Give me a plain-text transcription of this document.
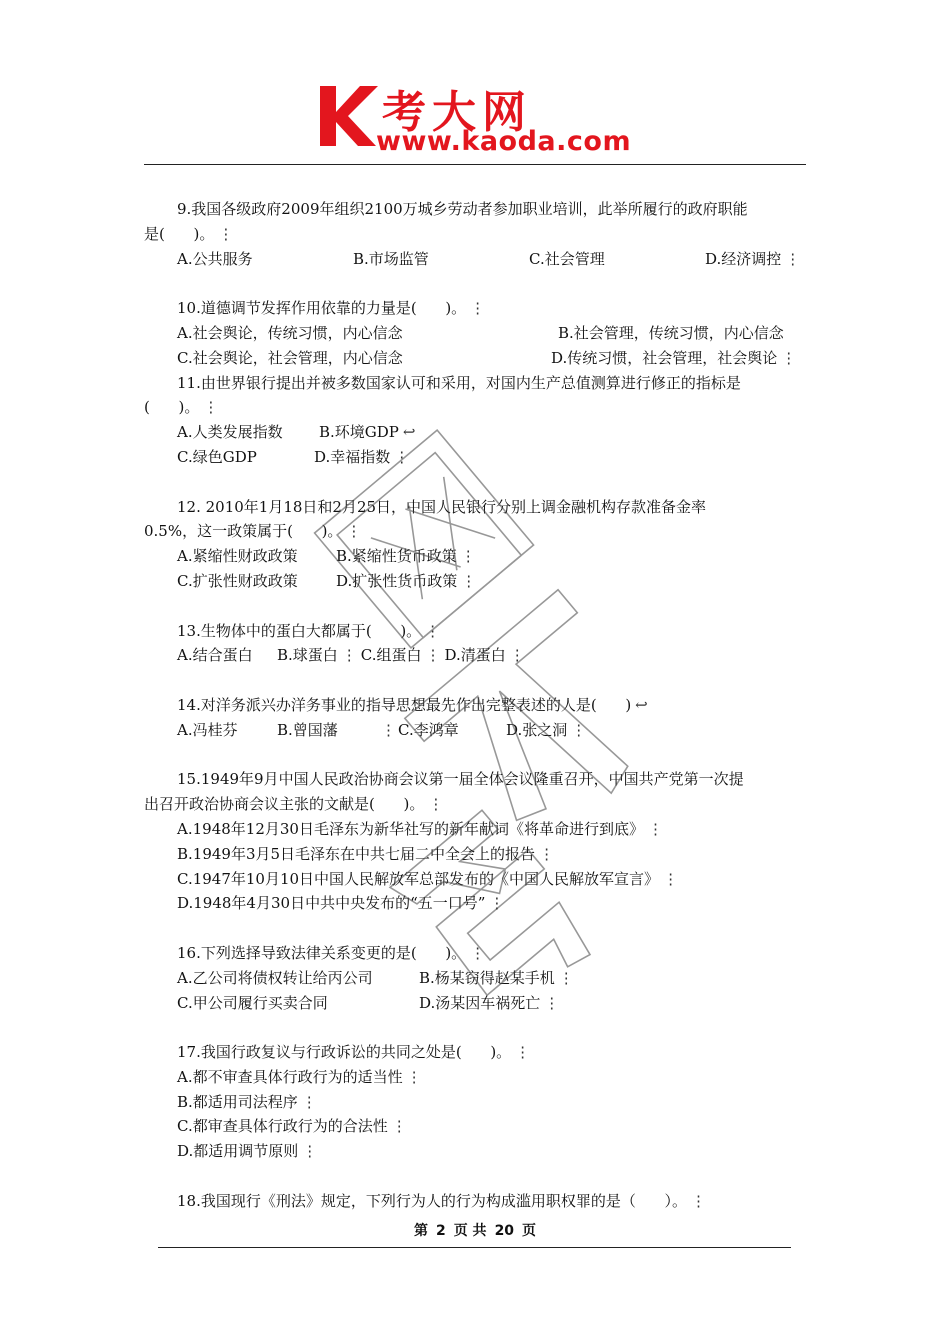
考大网
www.kaoda.com
9.我国各级政府2009年组织2100万城乡劳动者参加职业培训，此举所履行的政府职能
是(      )。 ⋮
A.公共服务	B.市场监管	C.社会管理	D.经济调控 ⋮
10.道德调节发挥作用依靠的力量是(      )。 ⋮
A.社会舆论，传统习惯，内心信念	B.社会管理，传统习惯，内心信念
C.社会舆论，社会管理，内心信念	D.传统习惯，社会管理，社会舆论 ⋮
11.由世界银行提出并被多数国家认可和采用，对国内生产总值测算进行修正的指标是
(      )。 ⋮
A.人类发展指数	B.环境GDP ↩
C.绿色GDP	D.幸福指数 ⋮
12. 2010年1月18日和2月25日，中国人民银行分别上调金融机构存款准备金率
0.5%，这一政策属于(      )。 ⋮
A.紧缩性财政政策	B.紧缩性货币政策 ⋮
C.扩张性财政政策	D.扩张性货币政策 ⋮
13.生物体中的蛋白大都属于(      )。 ⋮
A.结合蛋白	B.球蛋白 ⋮ C.组蛋白 ⋮ D.清蛋白 ⋮
14.对洋务派兴办洋务事业的指导思想最先作出完整表述的人是(      ) ↩
A.冯桂芬	B.曾国藩	⋮ C.李鸿章	D.张之洞 ⋮
15.1949年9月中国人民政治协商会议第一届全体会议隆重召开，中国共产党第一次提
出召开政治协商会议主张的文献是(      )。 ⋮
A.1948年12月30日毛泽东为新华社写的新年献词《将革命进行到底》 ⋮
B.1949年3月5日毛泽东在中共七届二中全会上的报告 ⋮
C.1947年10月10日中国人民解放军总部发布的《中国人民解放军宣言》 ⋮
D.1948年4月30日中共中央发布的“五一口号” ⋮
16.下列选择导致法律关系变更的是(      )。 ⋮
A.乙公司将债权转让给丙公司	B.杨某窃得赵某手机 ⋮
C.甲公司履行买卖合同	D.汤某因车祸死亡 ⋮
17.我国行政复议与行政诉讼的共同之处是(      )。 ⋮
A.都不审查具体行政行为的适当性 ⋮
B.都适用司法程序 ⋮
C.都审查具体行政行为的合法性 ⋮
D.都适用调节原则 ⋮
18.我国现行《刑法》规定，下列行为人的行为构成滥用职权罪的是（      ）。 ⋮
第 2 页 共 20 页
